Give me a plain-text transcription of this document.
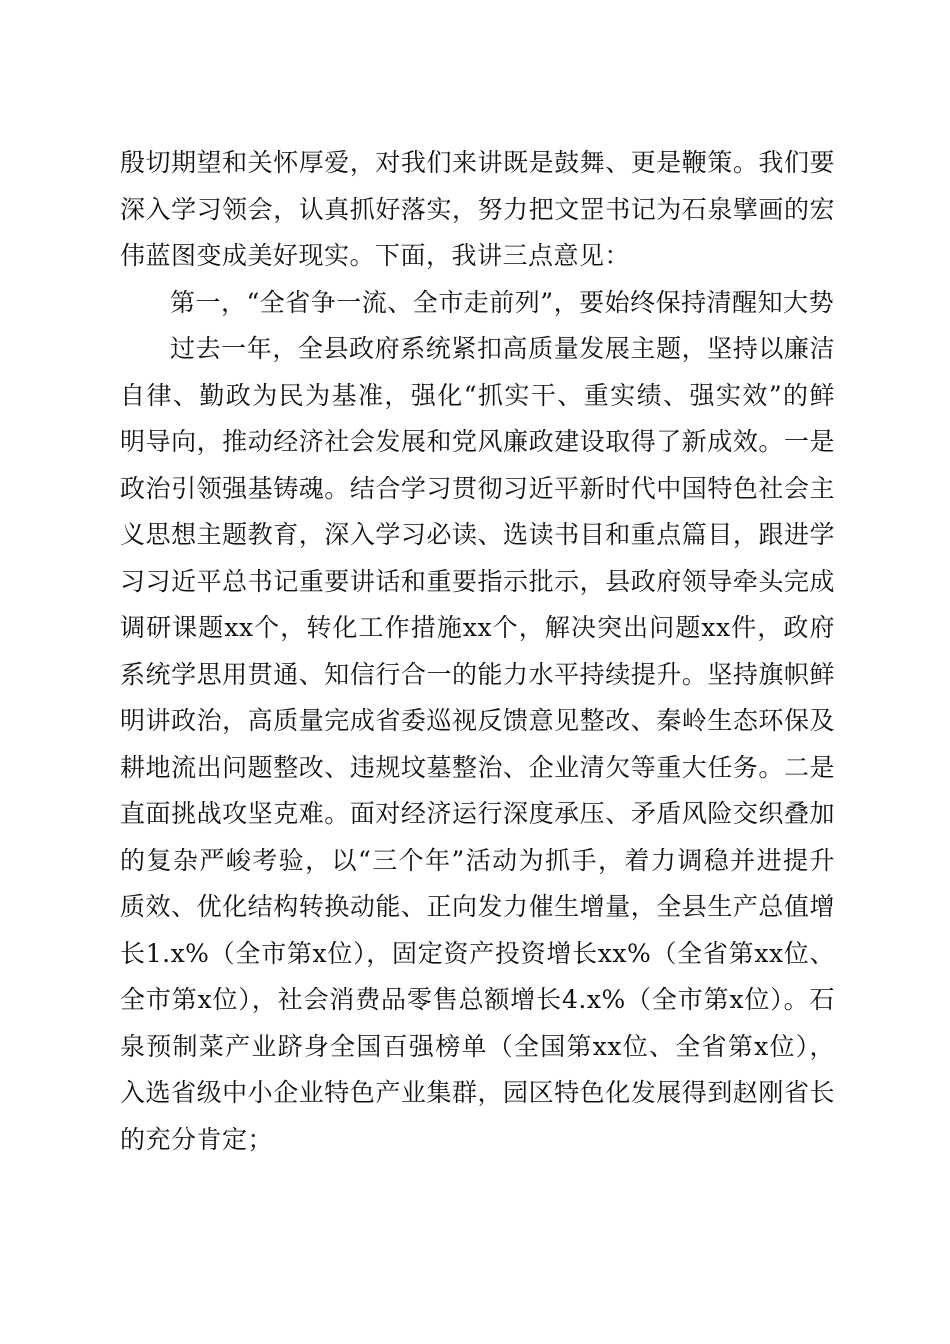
殷切期望和关怀厚爱，对我们来讲既是鼓舞、更是鞭策。我们要深入学习领会，认真抓好落实，努力把文罡书记为石泉擘画的宏伟蓝图变成美好现实。下面，我讲三点意见：

第一，“全省争一流、全市走前列”，要始终保持清醒知大势

过去一年，全县政府系统紧扣高质量发展主题，坚持以廉洁自律、勤政为民为基准，强化“抓实干、重实绩、强实效”的鲜明导向，推动经济社会发展和党风廉政建设取得了新成效。一是政治引领强基铸魂。结合学习贯彻习近平新时代中国特色社会主义思想主题教育，深入学习必读、选读书目和重点篇目，跟进学习习近平总书记重要讲话和重要指示批示，县政府领导牵头完成调研课题xx个，转化工作措施xx个，解决突出问题xx件，政府系统学思用贯通、知信行合一的能力水平持续提升。坚持旗帜鲜明讲政治，高质量完成省委巡视反馈意见整改、秦岭生态环保及耕地流出问题整改、违规坟墓整治、企业清欠等重大任务。二是直面挑战攻坚克难。面对经济运行深度承压、矛盾风险交织叠加的复杂严峻考验，以“三个年”活动为抓手，着力调稳并进提升质效、优化结构转换动能、正向发力催生增量，全县生产总值增长1.x%（全市第x位），固定资产投资增长xx%（全省第xx位、全市第x位），社会消费品零售总额增长4.x%（全市第x位）。石泉预制菜产业跻身全国百强榜单（全国第xx位、全省第x位），入选省级中小企业特色产业集群，园区特色化发展得到赵刚省长的充分肯定；
